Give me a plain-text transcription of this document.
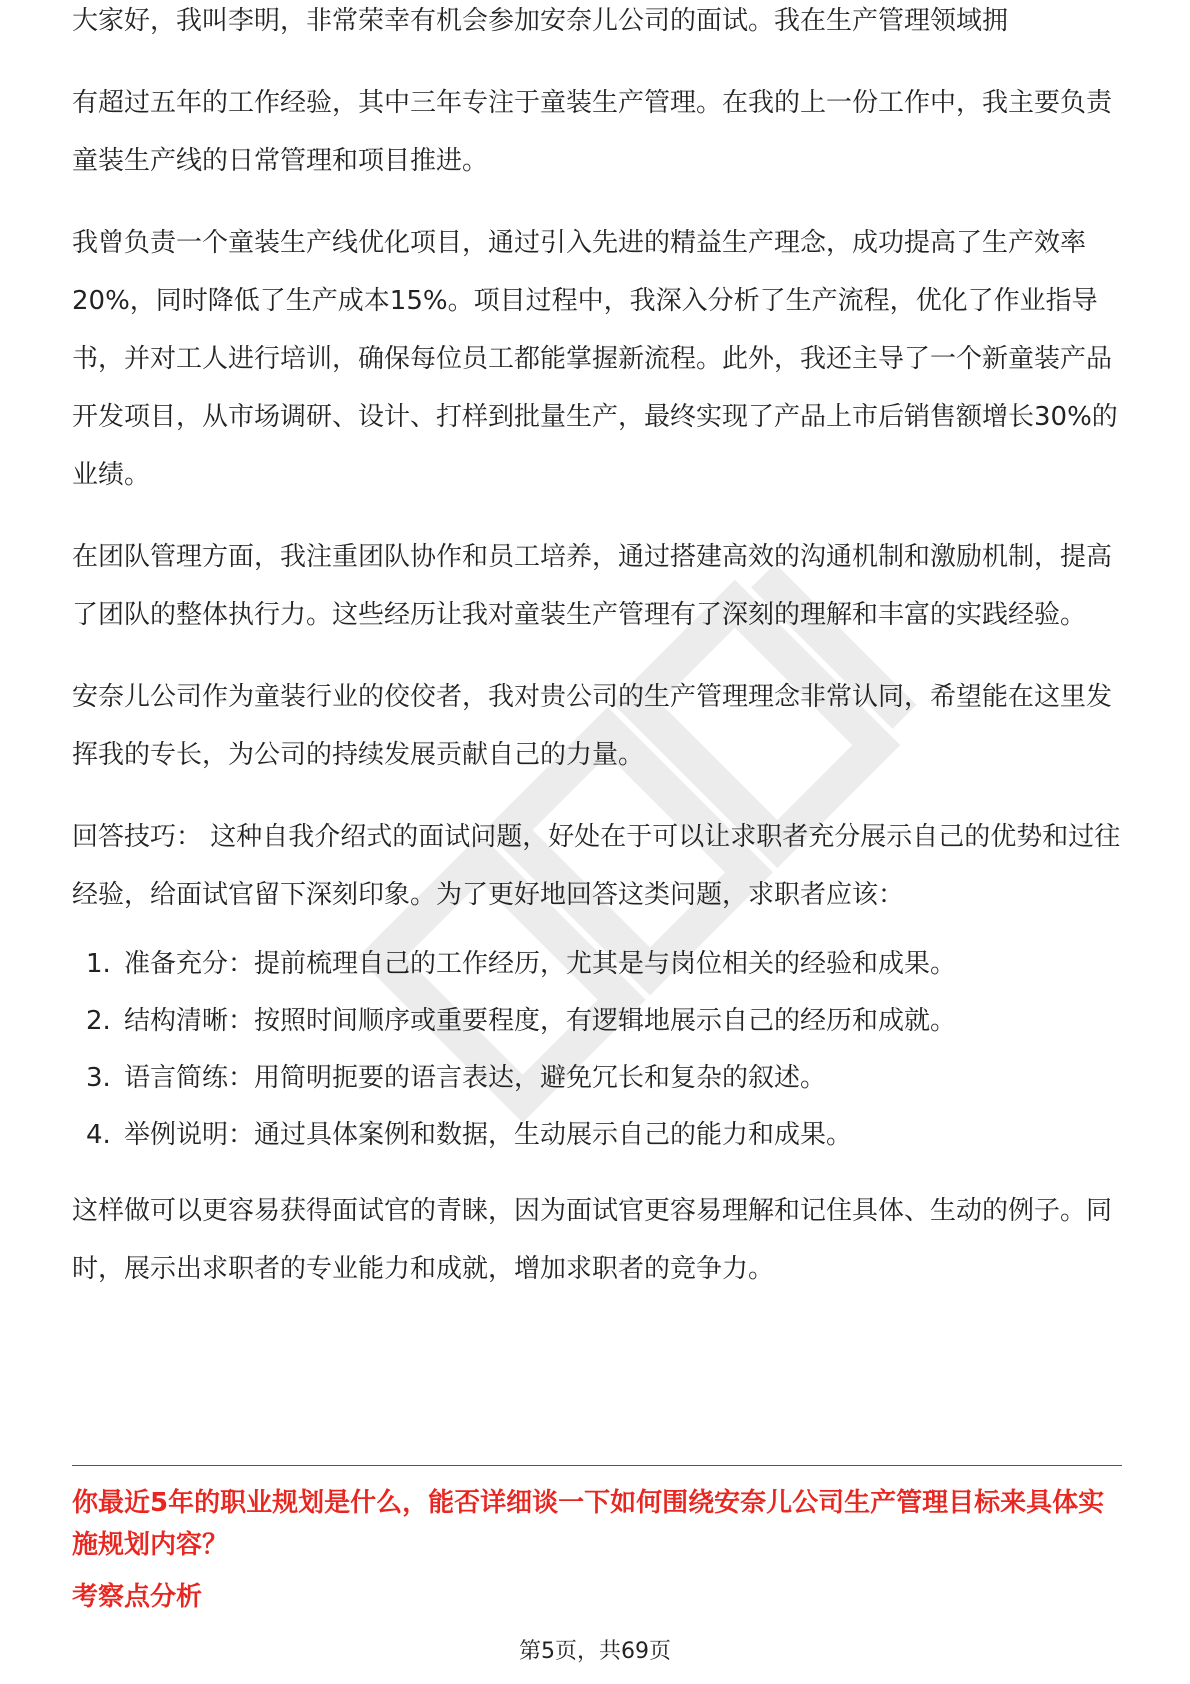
大家好，我叫李明，非常荣幸有机会参加安奈儿公司的面试。我在生产管理领域拥

有超过五年的工作经验，其中三年专注于童装生产管理。在我的上一份工作中，我主要负责童装生产线的日常管理和项目推进。

我曾负责一个童装生产线优化项目，通过引入先进的精益生产理念，成功提高了生产效率20%，同时降低了生产成本15%。项目过程中，我深入分析了生产流程，优化了作业指导书，并对工人进行培训，确保每位员工都能掌握新流程。此外，我还主导了一个新童装产品开发项目，从市场调研、设计、打样到批量生产，最终实现了产品上市后销售额增长30%的业绩。

在团队管理方面，我注重团队协作和员工培养，通过搭建高效的沟通机制和激励机制，提高了团队的整体执行力。这些经历让我对童装生产管理有了深刻的理解和丰富的实践经验。

安奈儿公司作为童装行业的佼佼者，我对贵公司的生产管理理念非常认同，希望能在这里发挥我的专长，为公司的持续发展贡献自己的力量。

回答技巧： 这种自我介绍式的面试问题，好处在于可以让求职者充分展示自己的优势和过往经验，给面试官留下深刻印象。为了更好地回答这类问题，求职者应该：

1. 准备充分：提前梳理自己的工作经历，尤其是与岗位相关的经验和成果。
2. 结构清晰：按照时间顺序或重要程度，有逻辑地展示自己的经历和成就。
3. 语言简练：用简明扼要的语言表达，避免冗长和复杂的叙述。
4. 举例说明：通过具体案例和数据，生动展示自己的能力和成果。

这样做可以更容易获得面试官的青睐，因为面试官更容易理解和记住具体、生动的例子。同时，展示出求职者的专业能力和成就，增加求职者的竞争力。

你最近5年的职业规划是什么，能否详细谈一下如何围绕安奈儿公司生产管理目标来具体实施规划内容？

考察点分析

第5页，共69页
